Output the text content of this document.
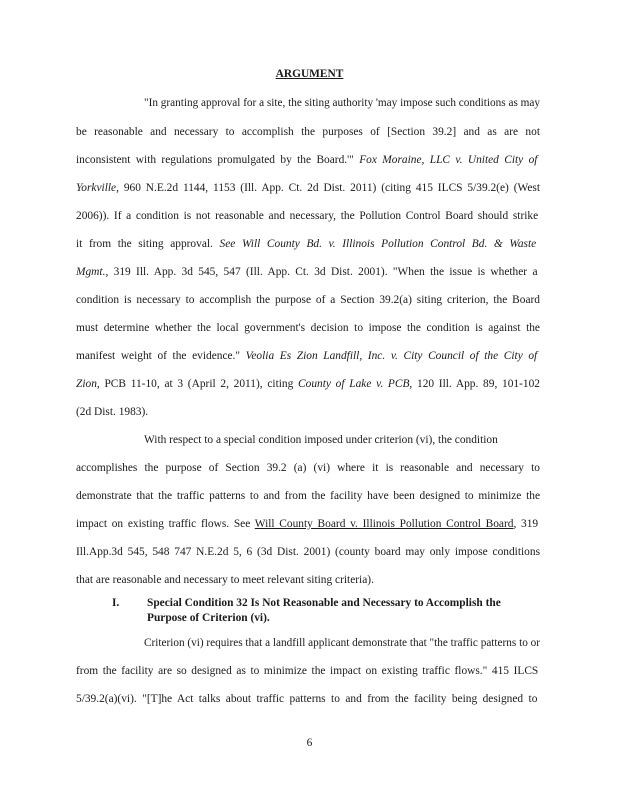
ARGUMENT
"In granting approval for a site, the siting authority 'may impose such conditions as may
be reasonable and necessary to accomplish the purposes of [Section 39.2] and as are not
inconsistent with regulations promulgated by the Board.'" Fox Moraine, LLC v. United City of
Yorkville, 960 N.E.2d 1144, 1153 (Ill. App. Ct. 2d Dist. 2011) (citing 415 ILCS 5/39.2(e) (West
2006)). If a condition is not reasonable and necessary, the Pollution Control Board should strike
it from the siting approval. See Will County Bd. v. Illinois Pollution Control Bd. & Waste
Mgmt., 319 Ill. App. 3d 545, 547 (Ill. App. Ct. 3d Dist. 2001). "When the issue is whether a
condition is necessary to accomplish the purpose of a Section 39.2(a) siting criterion, the Board
must determine whether the local government's decision to impose the condition is against the
manifest weight of the evidence." Veolia Es Zion Landfill, Inc. v. City Council of the City of
Zion, PCB 11-10, at 3 (April 2, 2011), citing County of Lake v. PCB, 120 Ill. App. 89, 101-102
(2d Dist. 1983).
With respect to a special condition imposed under criterion (vi), the condition
accomplishes the purpose of Section 39.2 (a) (vi) where it is reasonable and necessary to
demonstrate that the traffic patterns to and from the facility have been designed to minimize the
impact on existing traffic flows. See Will County Board v. Illinois Pollution Control Board, 319
Ill.App.3d 545, 548 747 N.E.2d 5, 6 (3d Dist. 2001) (county board may only impose conditions
that are reasonable and necessary to meet relevant siting criteria).
Criterion (vi) requires that a landfill applicant demonstrate that "the traffic patterns to or
from the facility are so designed as to minimize the impact on existing traffic flows." 415 ILCS
5/39.2(a)(vi). "[T]he Act talks about traffic patterns to and from the facility being designed to
I. Special Condition 32 Is Not Reasonable and Necessary to Accomplish the
Purpose of Criterion (vi).
6
